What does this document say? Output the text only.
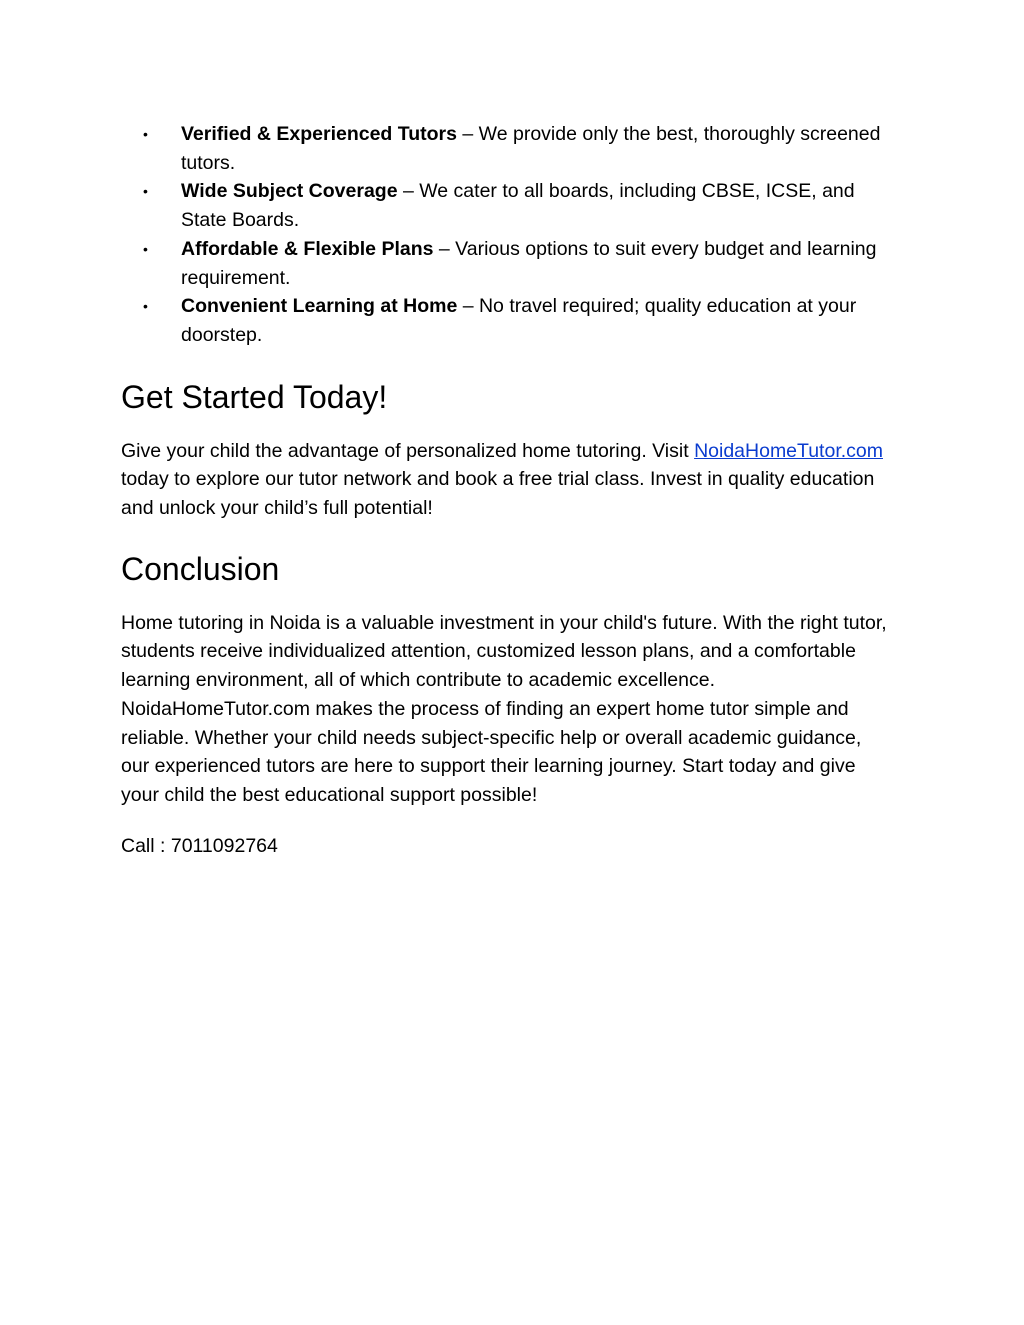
• Verified & Experienced Tutors – We provide only the best, thoroughly screened tutors.
• Wide Subject Coverage – We cater to all boards, including CBSE, ICSE, and State Boards.
• Affordable & Flexible Plans – Various options to suit every budget and learning requirement.
• Convenient Learning at Home – No travel required; quality education at your doorstep.
Get Started Today!

Give your child the advantage of personalized home tutoring. Visit NoidaHomeTutor.com today to explore our tutor network and book a free trial class. Invest in quality education and unlock your child’s full potential!

Conclusion

Home tutoring in Noida is a valuable investment in your child's future. With the right tutor, students receive individualized attention, customized lesson plans, and a comfortable learning environment, all of which contribute to academic excellence. NoidaHomeTutor.com makes the process of finding an expert home tutor simple and reliable. Whether your child needs subject-specific help or overall academic guidance, our experienced tutors are here to support their learning journey. Start today and give your child the best educational support possible!

Call : 7011092764
